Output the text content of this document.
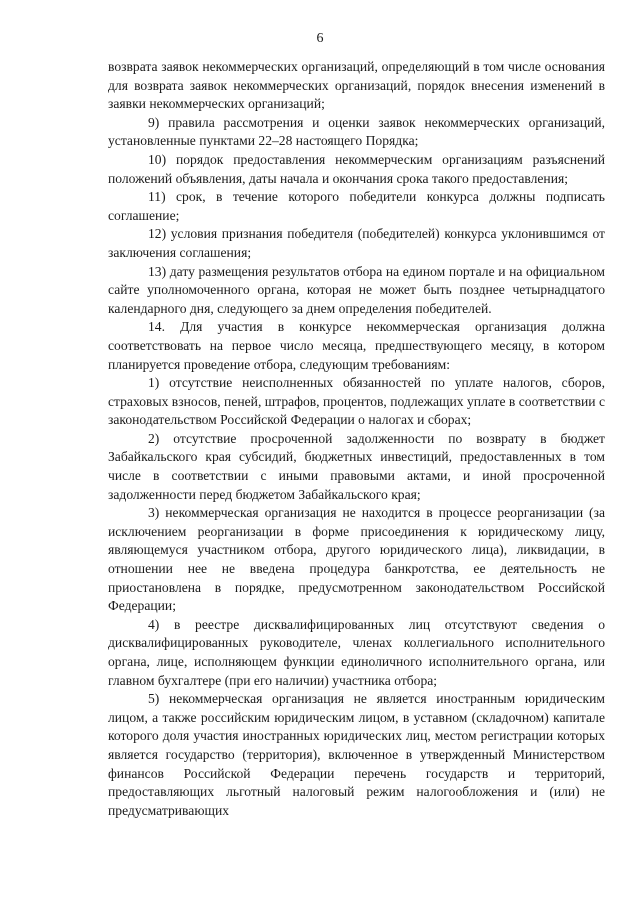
6

возврата заявок некоммерческих организаций, определяющий в том числе основания для возврата заявок некоммерческих организаций, порядок внесения изменений в заявки некоммерческих организаций;

9) правила рассмотрения и оценки заявок некоммерческих организаций, установленные пунктами 22–28 настоящего Порядка;

10) порядок предоставления некоммерческим организациям разъяснений положений объявления, даты начала и окончания срока такого предоставления;

11) срок, в течение которого победители конкурса должны подписать соглашение;

12) условия признания победителя (победителей) конкурса уклонившимся от заключения соглашения;

13) дату размещения результатов отбора на едином портале и на официальном сайте уполномоченного органа, которая не может быть позднее четырнадцатого календарного дня, следующего за днем определения победителей.

14. Для участия в конкурсе некоммерческая организация должна соответствовать на первое число месяца, предшествующего месяцу, в котором планируется проведение отбора, следующим требованиям:

1) отсутствие неисполненных обязанностей по уплате налогов, сборов, страховых взносов, пеней, штрафов, процентов, подлежащих уплате в соответствии с законодательством Российской Федерации о налогах и сборах;

2) отсутствие просроченной задолженности по возврату в бюджет Забайкальского края субсидий, бюджетных инвестиций, предоставленных в том числе в соответствии с иными правовыми актами, и иной просроченной задолженности перед бюджетом Забайкальского края;

3) некоммерческая организация не находится в процессе реорганизации (за исключением реорганизации в форме присоединения к юридическому лицу, являющемуся участником отбора, другого юридического лица), ликвидации, в отношении нее не введена процедура банкротства, ее деятельность не приостановлена в порядке, предусмотренном законодательством Российской Федерации;

4) в реестре дисквалифицированных лиц отсутствуют сведения о дисквалифицированных руководителе, членах коллегиального исполнительного органа, лице, исполняющем функции единоличного исполнительного органа, или главном бухгалтере (при его наличии) участника отбора;

5) некоммерческая организация не является иностранным юридическим лицом, а также российским юридическим лицом, в уставном (складочном) капитале которого доля участия иностранных юридических лиц, местом регистрации которых является государство (территория), включенное в утвержденный Министерством финансов Российской Федерации перечень государств и территорий, предоставляющих льготный налоговый режим налогообложения и (или) не предусматривающих
